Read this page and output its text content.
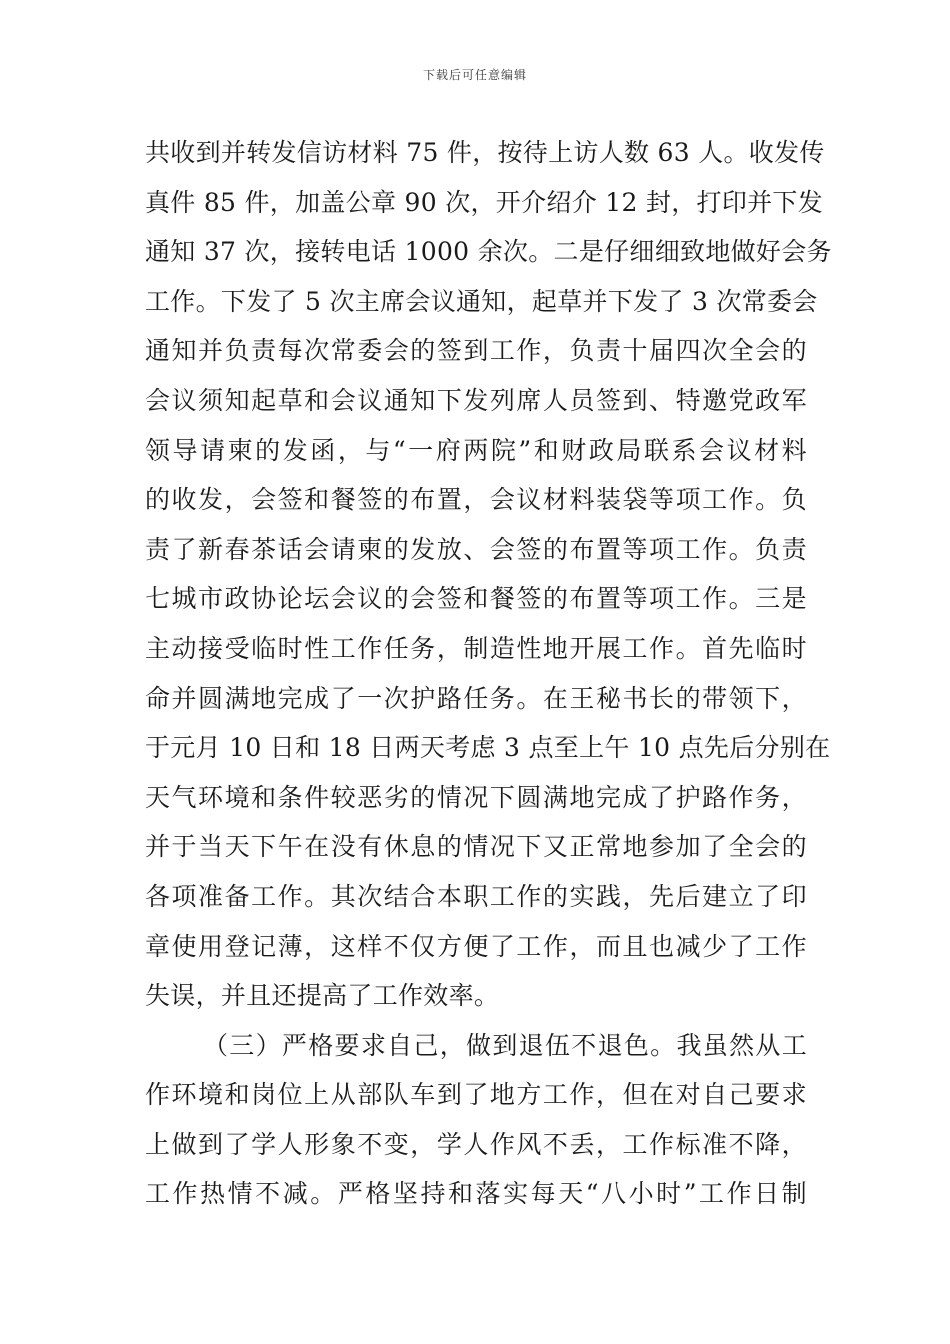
下载后可任意编辑
共收到并转发信访材料 75 件，按待上访人数 63 人。收发传
真件 85 件，加盖公章 90 次，开介绍介 12 封，打印并下发
通知 37 次，接转电话 1000 余次。二是仔细细致地做好会务
工作。下发了 5 次主席会议通知，起草并下发了 3 次常委会
通知并负责每次常委会的签到工作，负责十届四次全会的
会议须知起草和会议通知下发列席人员签到、特邀党政军
领导请柬的发函，与“一府两院”和财政局联系会议材料
的收发，会签和餐签的布置，会议材料装袋等项工作。负
责了新春茶话会请柬的发放、会签的布置等项工作。负责
七城市政协论坛会议的会签和餐签的布置等项工作。三是
主动接受临时性工作任务，制造性地开展工作。首先临时
命并圆满地完成了一次护路任务。在王秘书长的带领下，
于元月 10 日和 18 日两天考虑 3 点至上午 10 点先后分别在
天气环境和条件较恶劣的情况下圆满地完成了护路作务，
并于当天下午在没有休息的情况下又正常地参加了全会的
各项准备工作。其次结合本职工作的实践，先后建立了印
章使用登记薄，这样不仅方便了工作，而且也减少了工作
失误，并且还提高了工作效率。
（三）严格要求自己，做到退伍不退色。我虽然从工
作环境和岗位上从部队车到了地方工作，但在对自己要求
上做到了学人形象不变，学人作风不丢，工作标准不降，
工作热情不减。严格坚持和落实每天“八小时”工作日制
